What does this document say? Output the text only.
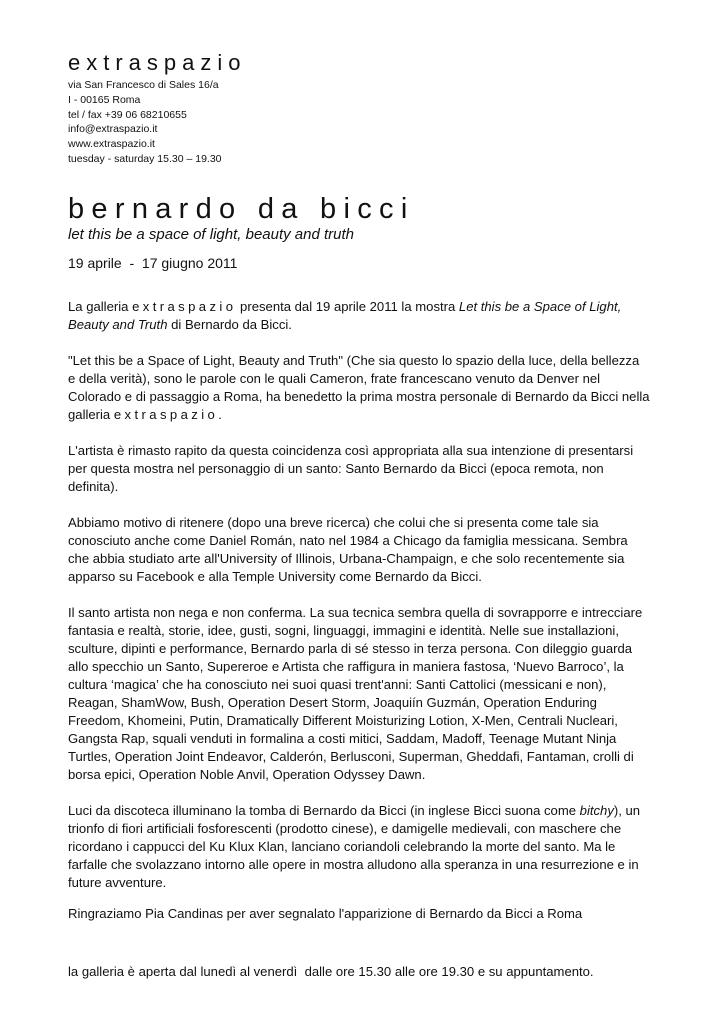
extraspazio
via San Francesco di Sales 16/a
I - 00165 Roma
tel / fax +39 06 68210655
info@extraspazio.it
www.extraspazio.it
tuesday - saturday 15.30 – 19.30
bernardo da bicci
let this be a space of light, beauty and truth
19 aprile  -  17 giugno 2011

La galleria extraspazio presenta dal 19 aprile 2011 la mostra Let this be a Space of Light, Beauty and Truth di Bernardo da Bicci.

"Let this be a Space of Light, Beauty and Truth" (Che sia questo lo spazio della luce, della bellezza e della verità), sono le parole con le quali Cameron, frate francescano venuto da Denver nel Colorado e di passaggio a Roma, ha benedetto la prima mostra personale di Bernardo da Bicci nella galleria extraspazio.

L'artista è rimasto rapito da questa coincidenza così appropriata alla sua intenzione di presentarsi per questa mostra nel personaggio di un santo: Santo Bernardo da Bicci (epoca remota, non definita).

Abbiamo motivo di ritenere (dopo una breve ricerca) che colui che si presenta come tale sia conosciuto anche come Daniel Román, nato nel 1984 a Chicago da famiglia messicana. Sembra che abbia studiato arte all'University of Illinois, Urbana-Champaign, e che solo recentemente sia apparso su Facebook e alla Temple University come Bernardo da Bicci.

Il santo artista non nega e non conferma. La sua tecnica sembra quella di sovrapporre e intrecciare fantasia e realtà, storie, idee, gusti, sogni, linguaggi, immagini e identità. Nelle sue installazioni, sculture, dipinti e performance, Bernardo parla di sé stesso in terza persona. Con dileggio guarda allo specchio un Santo, Supereroe e Artista che raffigura in maniera fastosa, ‘Nuevo Barroco’, la cultura ‘magica’ che ha conosciuto nei suoi quasi trent'anni: Santi Cattolici (messicani e non), Reagan, ShamWow, Bush, Operation Desert Storm, Joaquiín Guzmán, Operation Enduring Freedom, Khomeini, Putin, Dramatically Different Moisturizing Lotion, X-Men, Centrali Nucleari, Gangsta Rap, squali venduti in formalina a costi mitici, Saddam, Madoff, Teenage Mutant Ninja Turtles, Operation Joint Endeavor, Calderón, Berlusconi, Superman, Gheddafi, Fantaman, crolli di borsa epici, Operation Noble Anvil, Operation Odyssey Dawn.

Luci da discoteca illuminano la tomba di Bernardo da Bicci (in inglese Bicci suona come bitchy), un trionfo di fiori artificiali fosforescenti (prodotto cinese), e damigelle medievali, con maschere che ricordano i cappucci del Ku Klux Klan, lanciano coriandoli celebrando la morte del santo. Ma le farfalle che svolazzano intorno alle opere in mostra alludono alla speranza in una resurrezione e in future avventure.

Ringraziamo Pia Candinas per aver segnalato l'apparizione di Bernardo da Bicci a Roma
la galleria è aperta dal lunedì al venerdì  dalle ore 15.30 alle ore 19.30 e su appuntamento.
